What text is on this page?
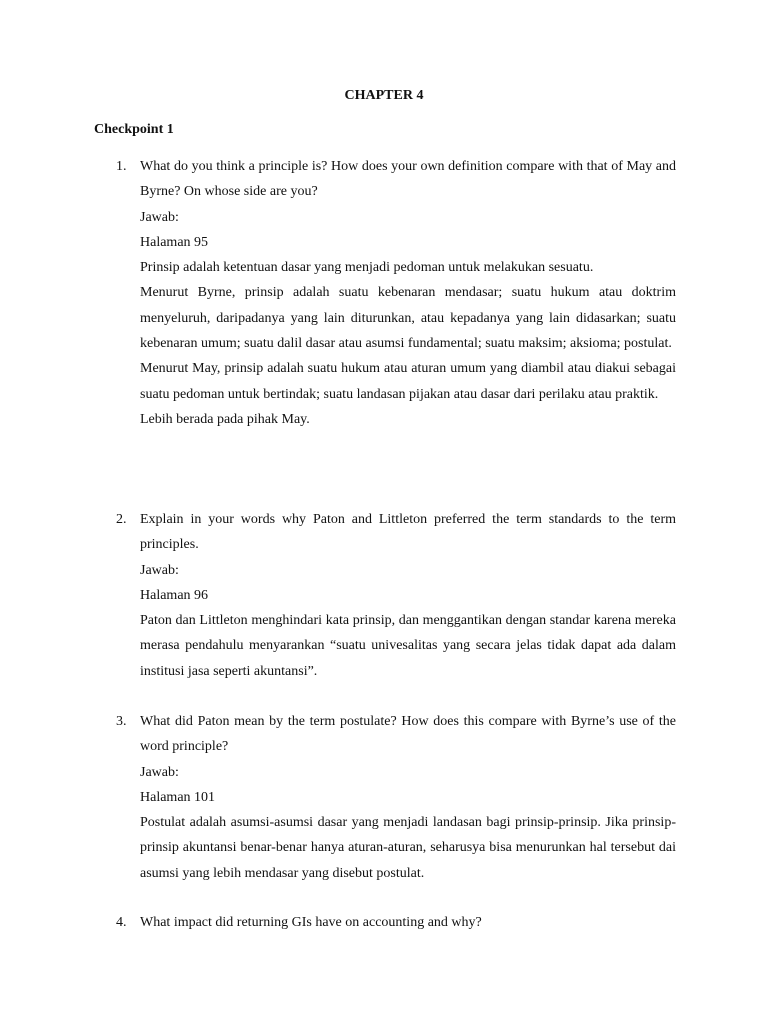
CHAPTER 4
Checkpoint 1
1. What do you think a principle is? How does your own definition compare with that of May and Byrne? On whose side are you?

Jawab:

Halaman 95

Prinsip adalah ketentuan dasar yang menjadi pedoman untuk melakukan sesuatu.

Menurut Byrne, prinsip adalah suatu kebenaran mendasar; suatu hukum atau doktrim menyeluruh, daripadanya yang lain diturunkan, atau kepadanya yang lain didasarkan; suatu kebenaran umum; suatu dalil dasar atau asumsi fundamental; suatu maksim; aksioma; postulat.

Menurut May, prinsip adalah suatu hukum atau aturan umum yang diambil atau diakui sebagai suatu pedoman untuk bertindak; suatu landasan pijakan atau dasar dari perilaku atau praktik.

Lebih berada pada pihak May.

2. Explain in your words why Paton and Littleton preferred the term standards to the term principles.

Jawab:

Halaman 96

Paton dan Littleton menghindari kata prinsip, dan menggantikan dengan standar karena mereka merasa pendahulu menyarankan “suatu univesalitas yang secara jelas tidak dapat ada dalam institusi jasa seperti akuntansi”.

3. What did Paton mean by the term postulate? How does this compare with Byrne’s use of the word principle?

Jawab:

Halaman 101

Postulat adalah asumsi-asumsi dasar yang menjadi landasan bagi prinsip-prinsip. Jika prinsip-prinsip akuntansi benar-benar hanya aturan-aturan, seharusya bisa menurunkan hal tersebut dai asumsi yang lebih mendasar yang disebut postulat.

4. What impact did returning GIs have on accounting and why?
